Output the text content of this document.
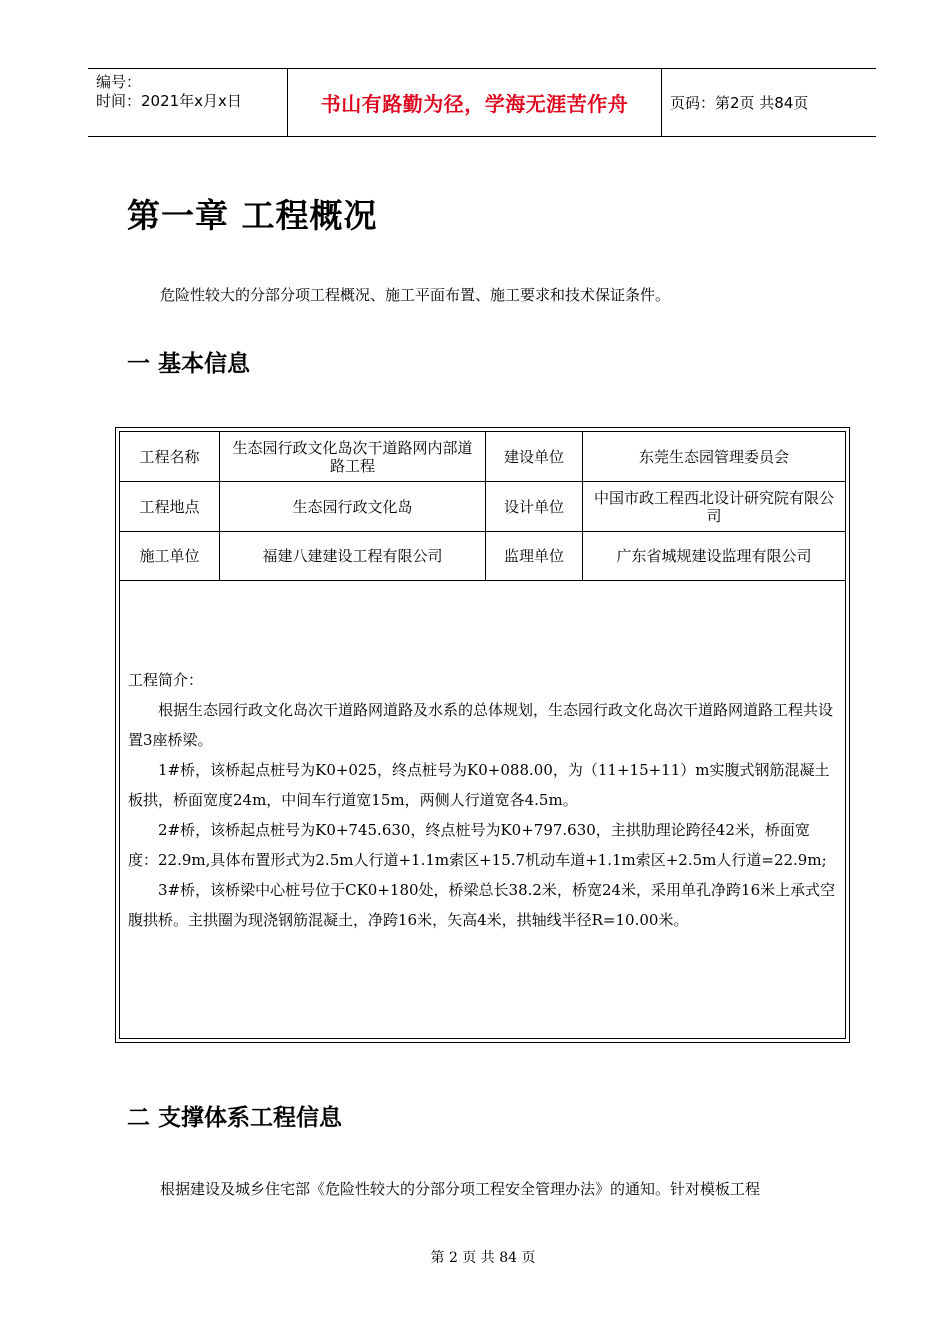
编号：
时间：2021年x月x日	书山有路勤为径，学海无涯苦作舟	页码：第2页 共84页
第一章 工程概况
危险性较大的分部分项工程概况、施工平面布置、施工要求和技术保证条件。
一 基本信息
工程名称	生态园行政文化岛次干道路网内部道路工程	建设单位	东莞生态园管理委员会
工程地点	生态园行政文化岛	设计单位	中国市政工程西北设计研究院有限公司
施工单位	福建八建建设工程有限公司	监理单位	广东省城规建设监理有限公司

工程简介：

根据生态园行政文化岛次干道路网道路及水系的总体规划，生态园行政文化岛次干道路网道路工程共设置3座桥梁。

1#桥，该桥起点桩号为K0+025，终点桩号为K0+088.00，为（11+15+11）m实腹式钢筋混凝土板拱，桥面宽度24m，中间车行道宽15m，两侧人行道宽各4.5m。

2#桥，该桥起点桩号为K0+745.630，终点桩号为K0+797.630，主拱肋理论跨径42米，桥面宽度：22.9m,具体布置形式为2.5m人行道+1.1m索区+15.7机动车道+1.1m索区+2.5m人行道=22.9m;

3#桥，该桥梁中心桩号位于CK0+180处，桥梁总长38.2米，桥宽24米，采用单孔净跨16米上承式空腹拱桥。主拱圈为现浇钢筋混凝土，净跨16米，矢高4米，拱轴线半径R=10.00米。

二 支撑体系工程信息
根据建设及城乡住宅部《危险性较大的分部分项工程安全管理办法》的通知。针对模板工程
第 2 页 共 84 页
